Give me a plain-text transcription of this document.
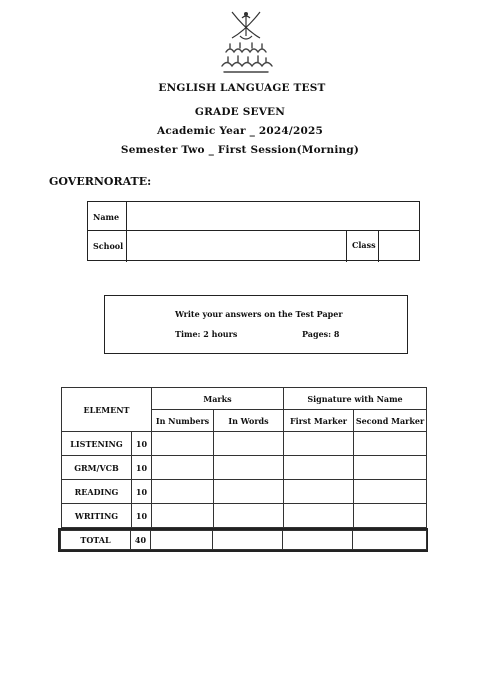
سلطنة عُمان وزارة التربية والتعليم
ENGLISH LANGUAGE TEST
GRADE SEVEN
Academic Year _ 2024/2025
Semester Two _ First Session(Morning)
GOVERNORATE:
Name
School	Class
Write your answers on the Test Paper
Time: 2 hours	Pages: 8
ELEMENT		Marks		Signature with Name	
		In Numbers	In Words	First Marker	Second Marker
LISTENING	10				
GRM/VCB	10				
READING	10				
WRITING	10				
TOTAL	40				
